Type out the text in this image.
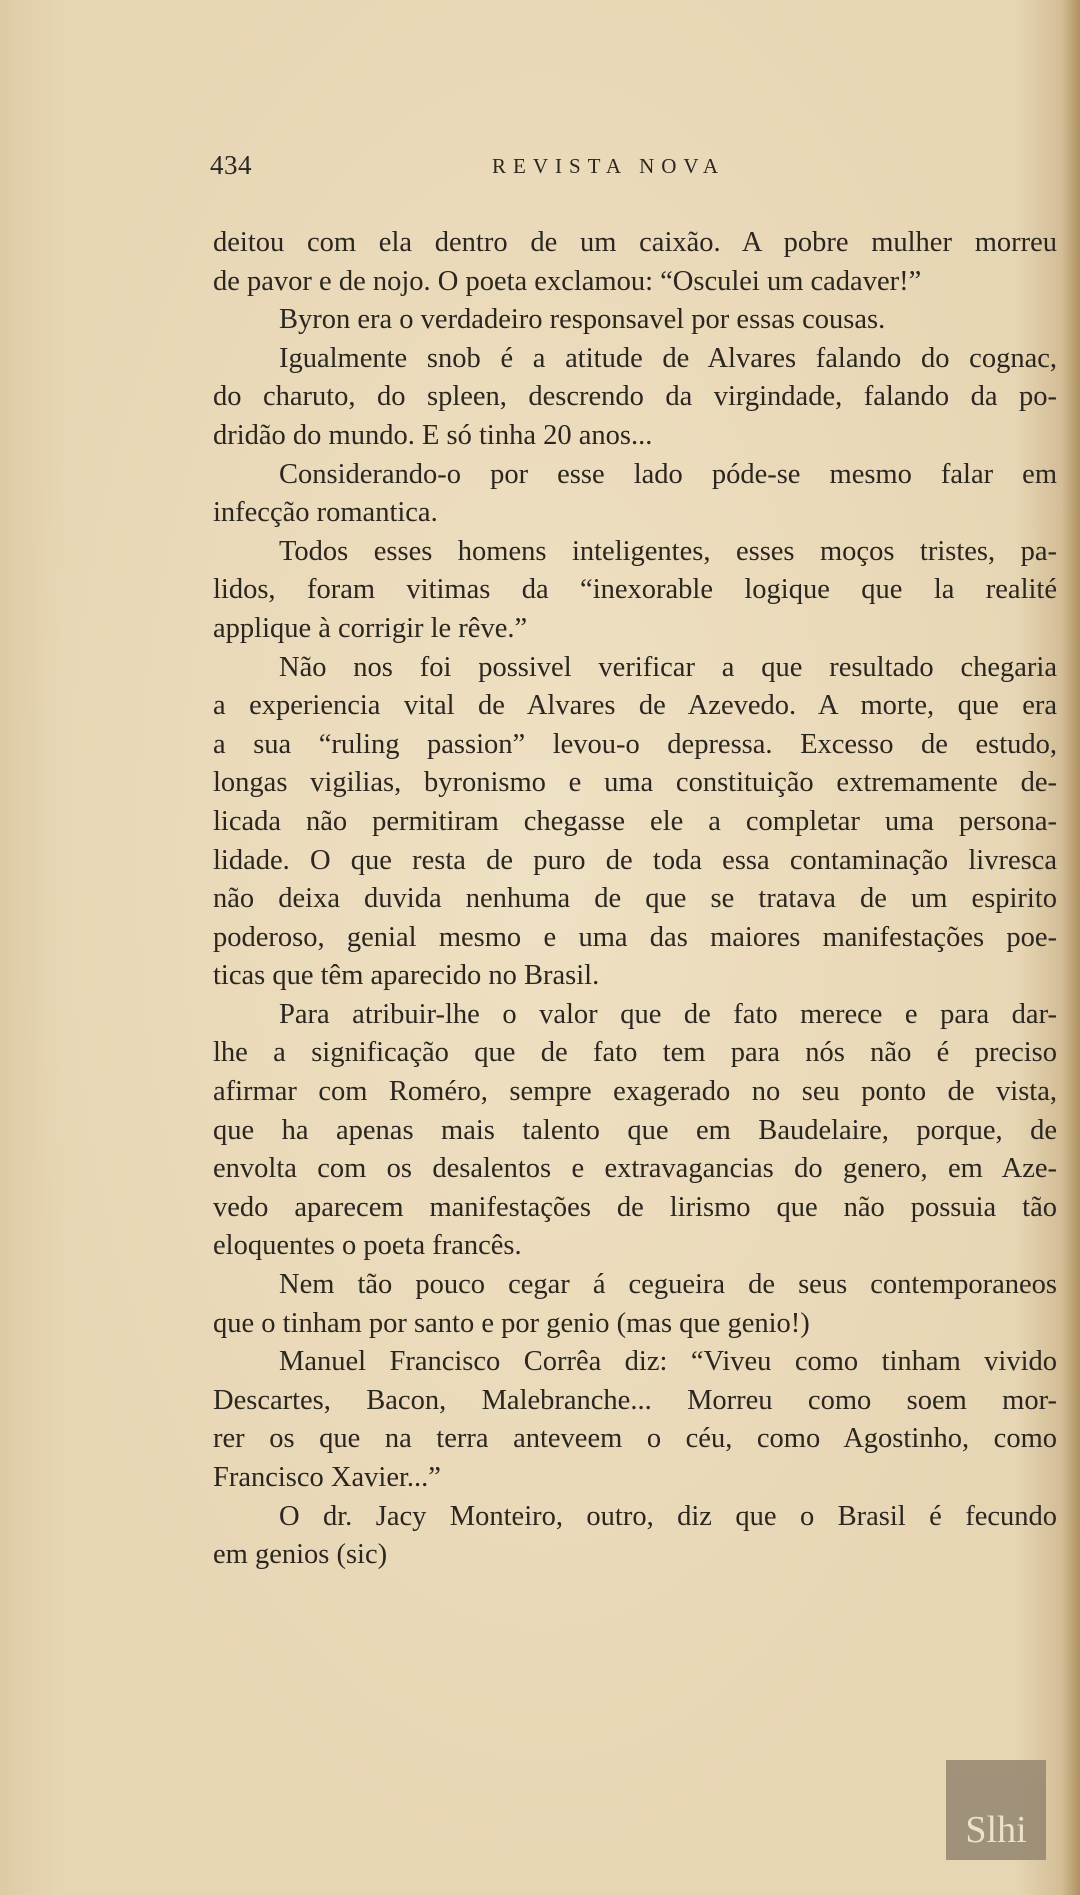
434	REVISTA NOVA
deitou com ela dentro de um caixão. A pobre mulher morreu
de pavor e de nojo. O poeta exclamou: “Osculei um cadaver!”
Byron era o verdadeiro responsavel por essas cousas.
Igualmente snob é a atitude de Alvares falando do cognac,
do charuto, do spleen, descrendo da virgindade, falando da po-
dridão do mundo. E só tinha 20 anos...
Considerando-o por esse lado póde-se mesmo falar em
infecção romantica.
Todos esses homens inteligentes, esses moços tristes, pa-
lidos, foram vitimas da “inexorable logique que la realité
applique à corrigir le rêve.”
Não nos foi possivel verificar a que resultado chegaria
a experiencia vital de Alvares de Azevedo. A morte, que era
a sua “ruling passion” levou-o depressa. Excesso de estudo,
longas vigilias, byronismo e uma constituição extremamente de-
licada não permitiram chegasse ele a completar uma persona-
lidade. O que resta de puro de toda essa contaminação livresca
não deixa duvida nenhuma de que se tratava de um espirito
poderoso, genial mesmo e uma das maiores manifestações poe-
ticas que têm aparecido no Brasil.
Para atribuir-lhe o valor que de fato merece e para dar-
lhe a significação que de fato tem para nós não é preciso
afirmar com Roméro, sempre exagerado no seu ponto de vista,
que ha apenas mais talento que em Baudelaire, porque, de
envolta com os desalentos e extravagancias do genero, em Aze-
vedo aparecem manifestações de lirismo que não possuia tão
eloquentes o poeta francês.
Nem tão pouco cegar á cegueira de seus contemporaneos
que o tinham por santo e por genio (mas que genio!)
Manuel Francisco Corrêa diz: “Viveu como tinham vivido
Descartes, Bacon, Malebranche... Morreu como soem mor-
rer os que na terra anteveem o céu, como Agostinho, como
Francisco Xavier...”
O dr. Jacy Monteiro, outro, diz que o Brasil é fecundo
em genios (sic)
Slhi
